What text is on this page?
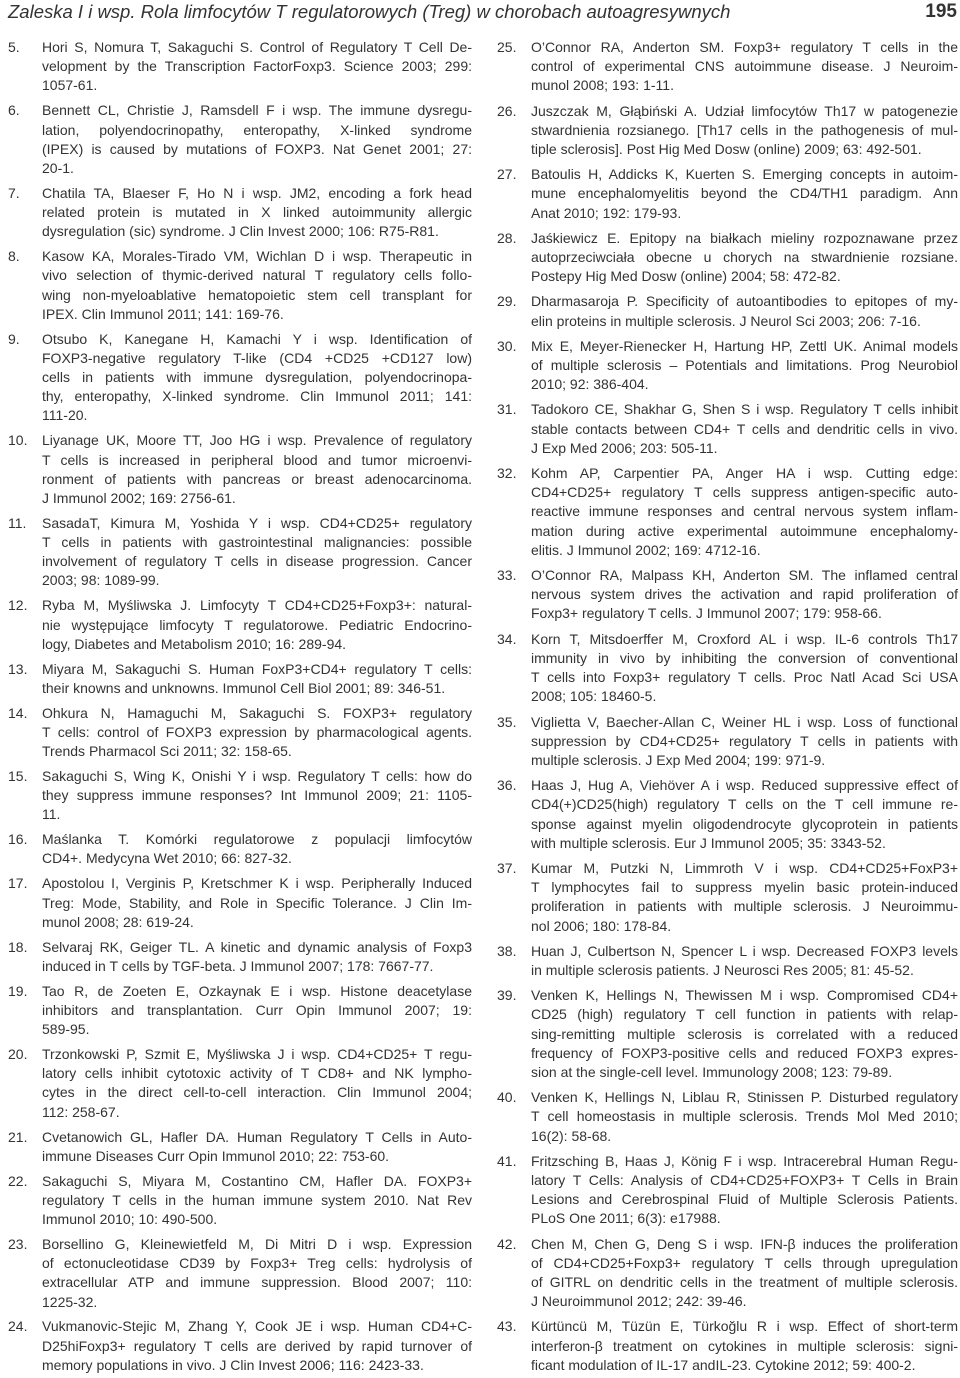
Zaleska I i wsp. Rola limfocytów T regulatorowych (Treg) w chorobach autoagresywnych	195
5.	Hori S, Nomura T, Sakaguchi S. Control of Regulatory T Cell De-
velopment by the Transcription FactorFoxp3. Science 2003; 299:
1057-61.
6.	Bennett CL, Christie J, Ramsdell F i wsp. The immune dysregu-
lation, polyendocrinopathy, enteropathy, X-linked syndrome
(IPEX) is caused by mutations of FOXP3. Nat Genet 2001; 27:
20-1.
7.	Chatila TA, Blaeser F, Ho N i wsp. JM2, encoding a fork head
related protein is mutated in X linked autoimmunity allergic
dysregulation (sic) syndrome. J Clin Invest 2000; 106: R75-R81.
8.	Kasow KA, Morales-Tirado VM, Wichlan D i wsp. Therapeutic in
vivo selection of thymic-derived natural T regulatory cells follo-
wing non-myeloablative hematopoietic stem cell transplant for
IPEX. Clin Immunol 2011; 141: 169-76.
9.	Otsubo K, Kanegane H, Kamachi Y i wsp. Identification of
FOXP3-negative regulatory T-like (CD4 +CD25 +CD127 low)
cells in patients with immune dysregulation, polyendocrinopa-
thy, enteropathy, X-linked syndrome. Clin Immunol 2011; 141:
111-20.
10.	Liyanage UK, Moore TT, Joo HG i wsp. Prevalence of regulatory
T cells is increased in peripheral blood and tumor microenvi-
ronment of patients with pancreas or breast adenocarcinoma.
J Immunol 2002; 169: 2756-61.
11.	SasadaT, Kimura M, Yoshida Y i wsp. CD4+CD25+ regulatory
T cells in patients with gastrointestinal malignancies: possible
involvement of regulatory T cells in disease progression. Cancer
2003; 98: 1089-99.
12.	Ryba M, Myśliwska J. Limfocyty T CD4+CD25+Foxp3+: natural-
nie występujące limfocyty T regulatorowe. Pediatric Endocrino-
logy, Diabetes and Metabolism 2010; 16: 289-94.
13.	Miyara M, Sakaguchi S. Human FoxP3+CD4+ regulatory T cells:
their knowns and unknowns. Immunol Cell Biol 2001; 89: 346-51.
14.	Ohkura N, Hamaguchi M, Sakaguchi S. FOXP3+ regulatory
T cells: control of FOXP3 expression by pharmacological agents.
Trends Pharmacol Sci 2011; 32: 158-65.
15.	Sakaguchi S, Wing K, Onishi Y i wsp. Regulatory T cells: how do
they suppress immune responses? Int Immunol 2009; 21: 1105-
11.
16.	Maślanka T. Komórki regulatorowe z populacji limfocytów
CD4+. Medycyna Wet 2010; 66: 827-32.
17.	Apostolou I, Verginis P, Kretschmer K i wsp. Peripherally Induced
Treg: Mode, Stability, and Role in Specific Tolerance. J Clin Im-
munol 2008; 28: 619-24.
18.	Selvaraj RK, Geiger TL. A kinetic and dynamic analysis of Foxp3
induced in T cells by TGF-beta. J Immunol 2007; 178: 7667-77.
19.	Tao R, de Zoeten E, Ozkaynak E i wsp. Histone deacetylase
inhibitors and transplantation. Curr Opin Immunol 2007; 19:
589-95.
20.	Trzonkowski P, Szmit E, Myśliwska J i wsp. CD4+CD25+ T regu-
latory cells inhibit cytotoxic activity of T CD8+ and NK lympho-
cytes in the direct cell-to-cell interaction. Clin Immunol 2004;
112: 258-67.
21.	Cvetanowich GL, Hafler DA. Human Regulatory T Cells in Auto-
immune Diseases Curr Opin Immunol 2010; 22: 753-60.
22.	Sakaguchi S, Miyara M, Costantino CM, Hafler DA. FOXP3+
regulatory T cells in the human immune system 2010. Nat Rev
Immunol 2010; 10: 490-500.
23.	Borsellino G, Kleinewietfeld M, Di Mitri D i wsp. Expression
of ectonucleotidase CD39 by Foxp3+ Treg cells: hydrolysis of
extracellular ATP and immune suppression. Blood 2007; 110:
1225-32.
24.	Vukmanovic-Stejic M, Zhang Y, Cook JE i wsp. Human CD4+C-
D25hiFoxp3+ regulatory T cells are derived by rapid turnover of
memory populations in vivo. J Clin Invest 2006; 116: 2423-33.
25.	O’Connor RA, Anderton SM. Foxp3+ regulatory T cells in the
control of experimental CNS autoimmune disease. J Neuroim-
munol 2008; 193: 1-11.
26.	Juszczak M, Głąbiński A. Udział limfocytów Th17 w patogenezie
stwardnienia rozsianego. [Th17 cells in the pathogenesis of mul-
tiple sclerosis]. Post Hig Med Dosw (online) 2009; 63: 492-501.
27.	Batoulis H, Addicks K, Kuerten S. Emerging concepts in autoim-
mune encephalomyelitis beyond the CD4/TH1 paradigm. Ann
Anat 2010; 192: 179-93.
28.	Jaśkiewicz E. Epitopy na białkach mieliny rozpoznawane przez
autoprzeciwciała obecne u chorych na stwardnienie rozsiane.
Postepy Hig Med Dosw (online) 2004; 58: 472-82.
29.	Dharmasaroja P. Specificity of autoantibodies to epitopes of my-
elin proteins in multiple sclerosis. J Neurol Sci 2003; 206: 7-16.
30.	Mix E, Meyer-Rienecker H, Hartung HP, Zettl UK. Animal models
of multiple sclerosis – Potentials and limitations. Prog Neurobiol
2010; 92: 386-404.
31.	Tadokoro CE, Shakhar G, Shen S i wsp. Regulatory T cells inhibit
stable contacts between CD4+ T cells and dendritic cells in vivo.
J Exp Med 2006; 203: 505-11.
32.	Kohm AP, Carpentier PA, Anger HA i wsp. Cutting edge:
CD4+CD25+ regulatory T cells suppress antigen-specific auto-
reactive immune responses and central nervous system inflam-
mation during active experimental autoimmune encephalomy-
elitis. J Immunol 2002; 169: 4712-16.
33.	O’Connor RA, Malpass KH, Anderton SM. The inflamed central
nervous system drives the activation and rapid proliferation of
Foxp3+ regulatory T cells. J Immunol 2007; 179: 958-66.
34.	Korn T, Mitsdoerffer M, Croxford AL i wsp. IL-6 controls Th17
immunity in vivo by inhibiting the conversion of conventional
T cells into Foxp3+ regulatory T cells. Proc Natl Acad Sci USA
2008; 105: 18460-5.
35.	Viglietta V, Baecher-Allan C, Weiner HL i wsp. Loss of functional
suppression by CD4+CD25+ regulatory T cells in patients with
multiple sclerosis. J Exp Med 2004; 199: 971-9.
36.	Haas J, Hug A, Viehöver A i wsp. Reduced suppressive effect of
CD4(+)CD25(high) regulatory T cells on the T cell immune re-
sponse against myelin oligodendrocyte glycoprotein in patients
with multiple sclerosis. Eur J Immunol 2005; 35: 3343-52.
37.	Kumar M, Putzki N, Limmroth V i wsp. CD4+CD25+FoxP3+
T lymphocytes fail to suppress myelin basic protein-induced
proliferation in patients with multiple sclerosis. J Neuroimmu-
nol 2006; 180: 178-84.
38.	Huan J, Culbertson N, Spencer L i wsp. Decreased FOXP3 levels
in multiple sclerosis patients. J Neurosci Res 2005; 81: 45-52.
39.	Venken K, Hellings N, Thewissen M i wsp. Compromised CD4+
CD25 (high) regulatory T cell function in patients with relap-
sing-remitting multiple sclerosis is correlated with a reduced
frequency of FOXP3-positive cells and reduced FOXP3 expres-
sion at the single-cell level. Immunology 2008; 123: 79-89.
40.	Venken K, Hellings N, Liblau R, Stinissen P. Disturbed regulatory
T cell homeostasis in multiple sclerosis. Trends Mol Med 2010;
16(2): 58-68.
41.	Fritzsching B, Haas J, König F i wsp. Intracerebral Human Regu-
latory T Cells: Analysis of CD4+CD25+FOXP3+ T Cells in Brain
Lesions and Cerebrospinal Fluid of Multiple Sclerosis Patients.
PLoS One 2011; 6(3): e17988.
42.	Chen M, Chen G, Deng S i wsp. IFN-β induces the proliferation
of CD4+CD25+Foxp3+ regulatory T cells through upregulation
of GITRL on dendritic cells in the treatment of multiple sclerosis.
J Neuroimmunol 2012; 242: 39-46.
43.	Kürtüncü M, Tüzün E, Türkoğlu R i wsp. Effect of short-term
interferon-β treatment on cytokines in multiple sclerosis: signi-
ficant modulation of IL-17 andIL-23. Cytokine 2012; 59: 400-2.
